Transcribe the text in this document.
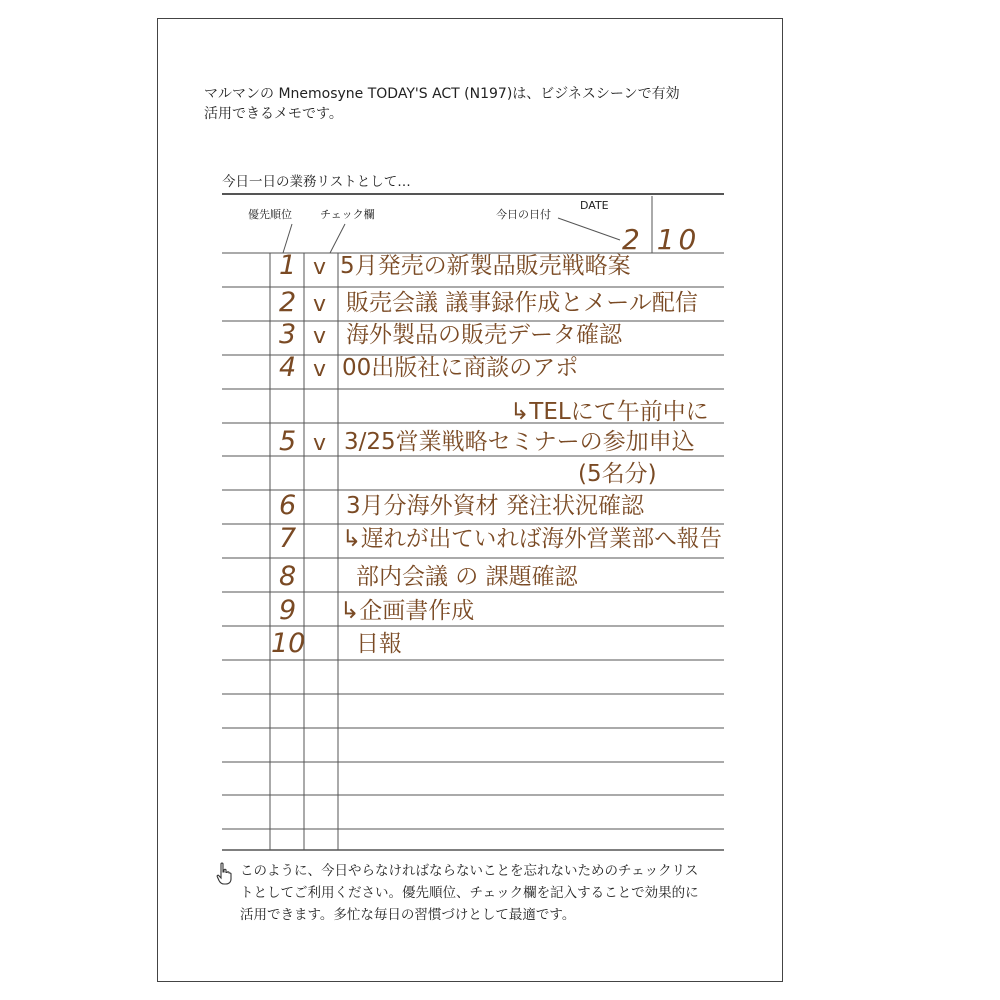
マルマンの Mnemosyne TODAY'S ACT (N197)は、ビジネスシーンで有効
活用できるメモです。
今日一日の業務リストとして…
優先順位	チェック欄	今日の日付
DATE
2 10
1 v 5月発売の新製品販売戦略案
2 v 販売会議 議事録作成とメール配信
3 v 海外製品の販売データ確認
4 v 00出版社に商談のアポ
↳TELにて午前中に
5 v 3/25営業戦略セミナーの参加申込
(5名分)
6 3月分海外資材 発注状況確認
7 ↳遅れが出ていれば海外営業部へ報告
8	部内会議 の 課題確認
9 ↳企画書作成
10 日報
このように、今日やらなければならないことを忘れないためのチェックリス
トとしてご利用ください。優先順位、チェック欄を記入することで効果的に
活用できます。多忙な毎日の習慣づけとして最適です。
